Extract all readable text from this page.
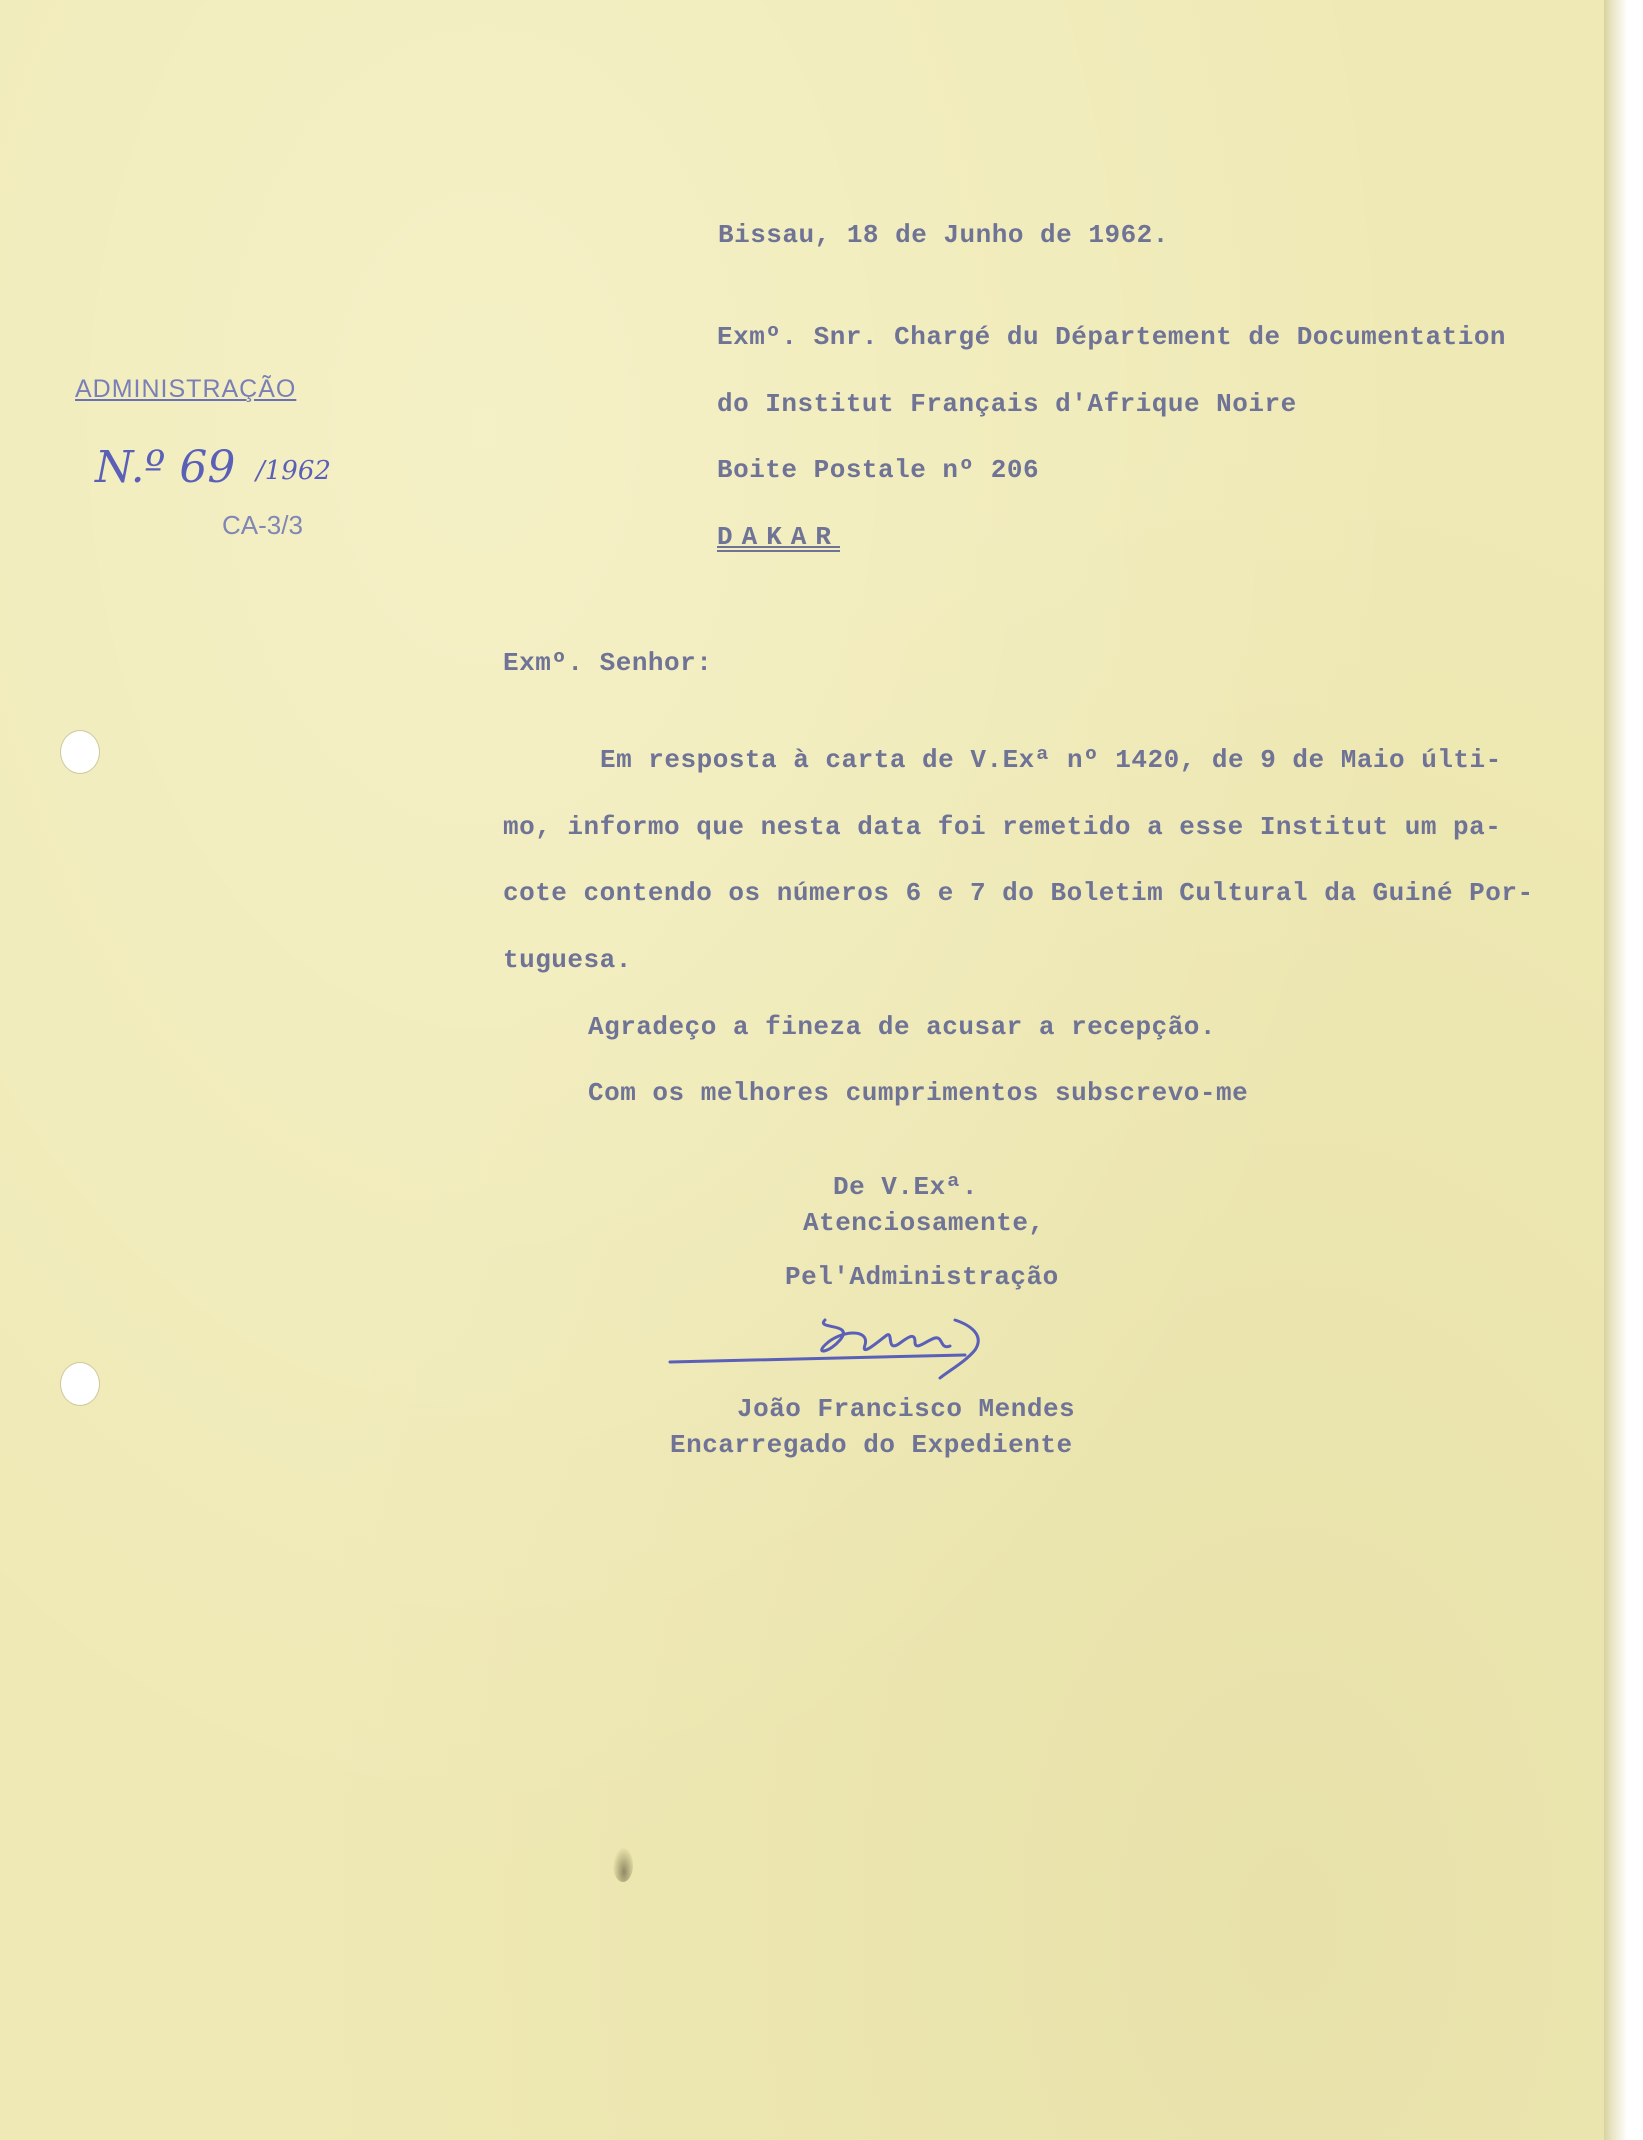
ADMINISTRAÇÃO
N.º 69 /1962
CA-3/3
Bissau, 18 de Junho de 1962.
Exmº. Snr. Chargé du Département de Documentation
do Institut Français d'Afrique Noire
Boite Postale nº 206
DAKAR
Exmº. Senhor:
Em resposta à carta de V.Exª nº 1420, de 9 de Maio últi-
mo, informo que nesta data foi remetido a esse Institut um pa-
cote contendo os números 6 e 7 do Boletim Cultural da Guiné Por-
tuguesa.
Agradeço a fineza de acusar a recepção.
Com os melhores cumprimentos subscrevo-me
De V.Exª.
Atenciosamente,
Pel'Administração
João Francisco Mendes
Encarregado do Expediente
